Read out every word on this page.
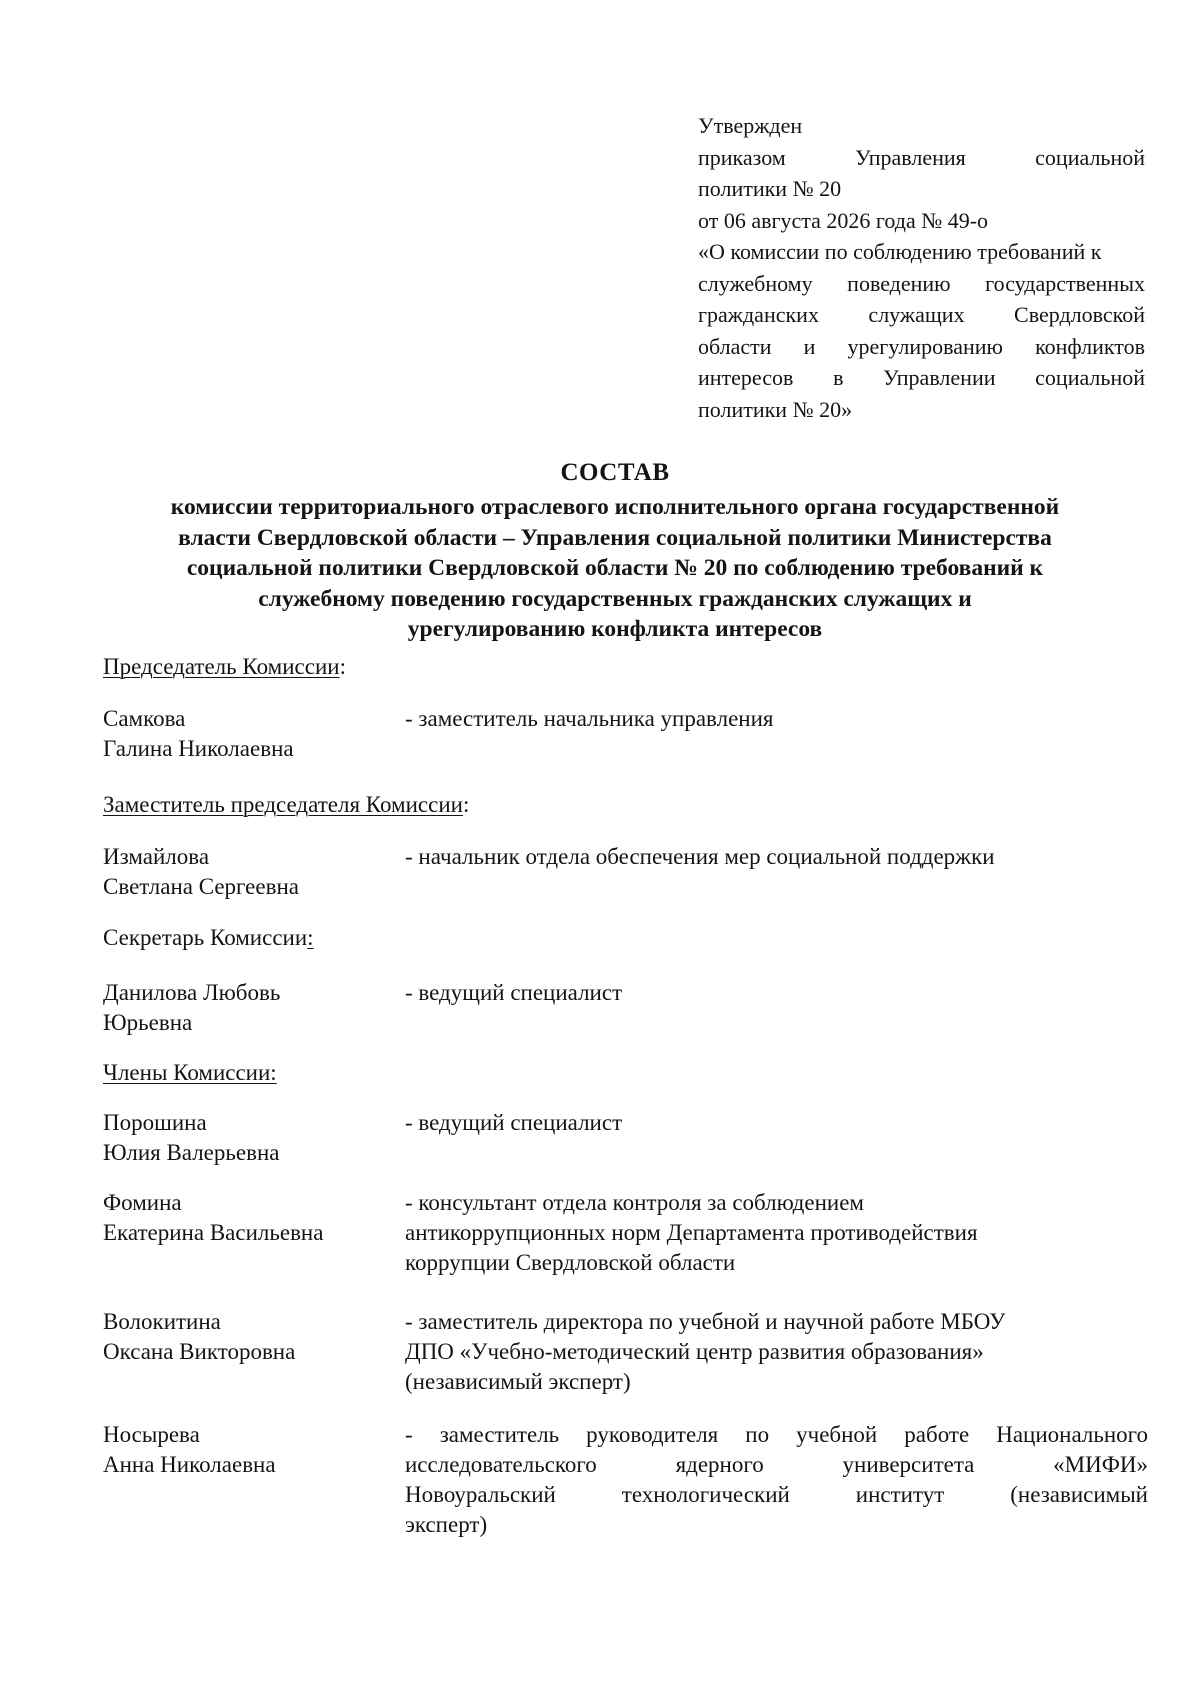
Утвержден
приказом Управления социальной
политики № 20
от 06 августа 2026 года № 49-о
«О комиссии по соблюдению требований к
служебному поведению государственных
гражданских служащих Свердловской
области и урегулированию конфликтов
интересов в Управлении социальной
политики № 20»
СОСТАВ
комиссии территориального отраслевого исполнительного органа государственной
власти Свердловской области – Управления социальной политики Министерства
социальной политики Свердловской области № 20 по соблюдению требований к
служебному поведению государственных гражданских служащих и
урегулированию конфликта интересов
Председатель Комиссии:
Самкова
Галина Николаевна
- заместитель начальника управления
Заместитель председателя Комиссии:
Измайлова
Светлана Сергеевна
- начальник отдела обеспечения мер социальной поддержки
Секретарь Комиссии:
Данилова Любовь
Юрьевна
- ведущий специалист
Члены Комиссии:
Порошина
Юлия Валерьевна
- ведущий специалист
Фомина
Екатерина Васильевна
- консультант отдела контроля за соблюдением
антикоррупционных норм Департамента противодействия
коррупции Свердловской области
Волокитина
Оксана Викторовна
- заместитель директора по учебной и научной работе МБОУ
ДПО «Учебно-методический центр развития образования»
(независимый эксперт)
Носырева
Анна Николаевна
- заместитель руководителя по учебной работе Национального
исследовательского ядерного университета «МИФИ»
Новоуральский технологический институт (независимый
эксперт)
